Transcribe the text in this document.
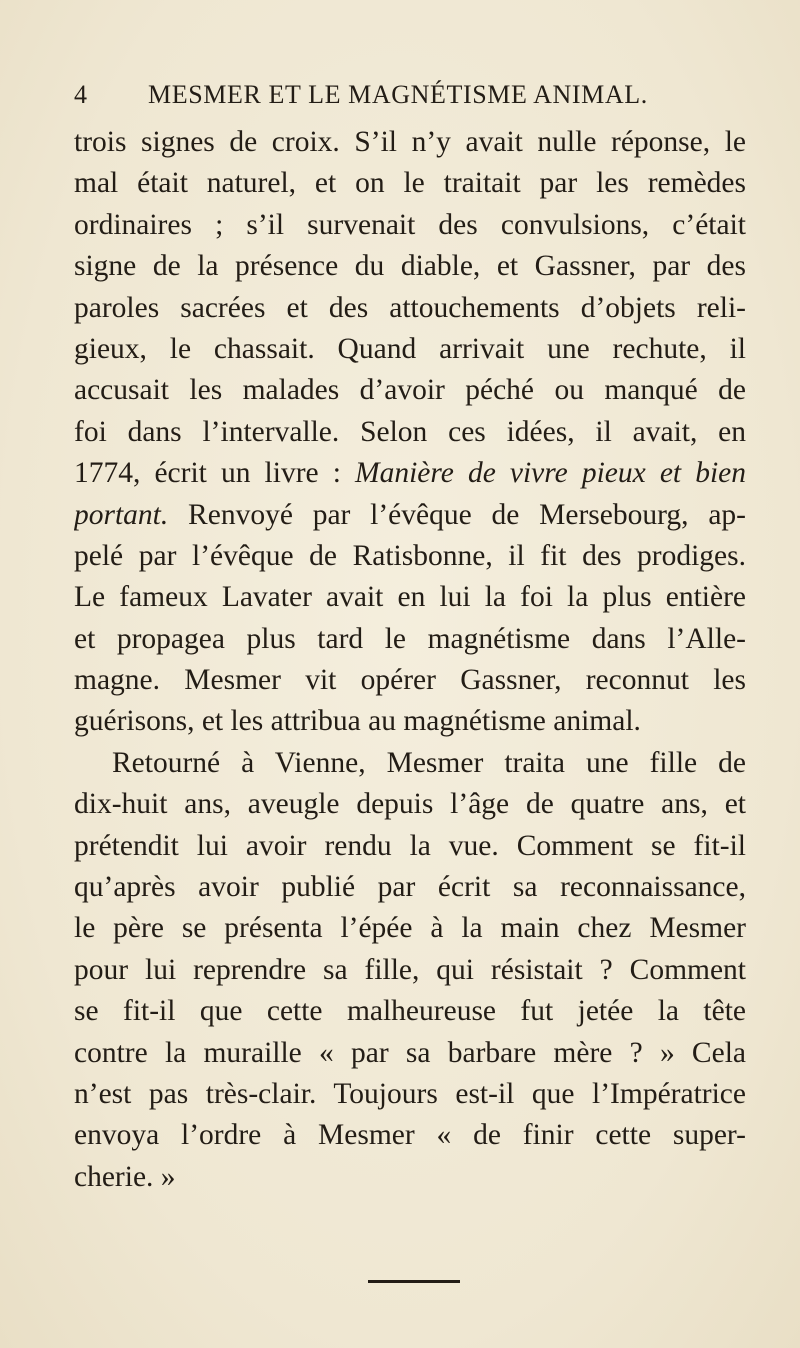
4 MESMER ET LE MAGNÉTISME ANIMAL.
trois signes de croix. S’il n’y avait nulle réponse, le
mal était naturel, et on le traitait par les remèdes
ordinaires ; s’il survenait des convulsions, c’était
signe de la présence du diable, et Gassner, par des
paroles sacrées et des attouchements d’objets reli-
gieux, le chassait. Quand arrivait une rechute, il
accusait les malades d’avoir péché ou manqué de
foi dans l’intervalle. Selon ces idées, il avait, en
1774, écrit un livre : Manière de vivre pieux et bien
portant. Renvoyé par l’évêque de Mersebourg, ap-
pelé par l’évêque de Ratisbonne, il fit des prodiges.
Le fameux Lavater avait en lui la foi la plus entière
et propagea plus tard le magnétisme dans l’Alle-
magne. Mesmer vit opérer Gassner, reconnut les
guérisons, et les attribua au magnétisme animal.
Retourné à Vienne, Mesmer traita une fille de
dix-huit ans, aveugle depuis l’âge de quatre ans, et
prétendit lui avoir rendu la vue. Comment se fit-il
qu’après avoir publié par écrit sa reconnaissance,
le père se présenta l’épée à la main chez Mesmer
pour lui reprendre sa fille, qui résistait ? Comment
se fit-il que cette malheureuse fut jetée la tête
contre la muraille « par sa barbare mère ? » Cela
n’est pas très-clair. Toujours est-il que l’Impératrice
envoya l’ordre à Mesmer « de finir cette super-
cherie. »
